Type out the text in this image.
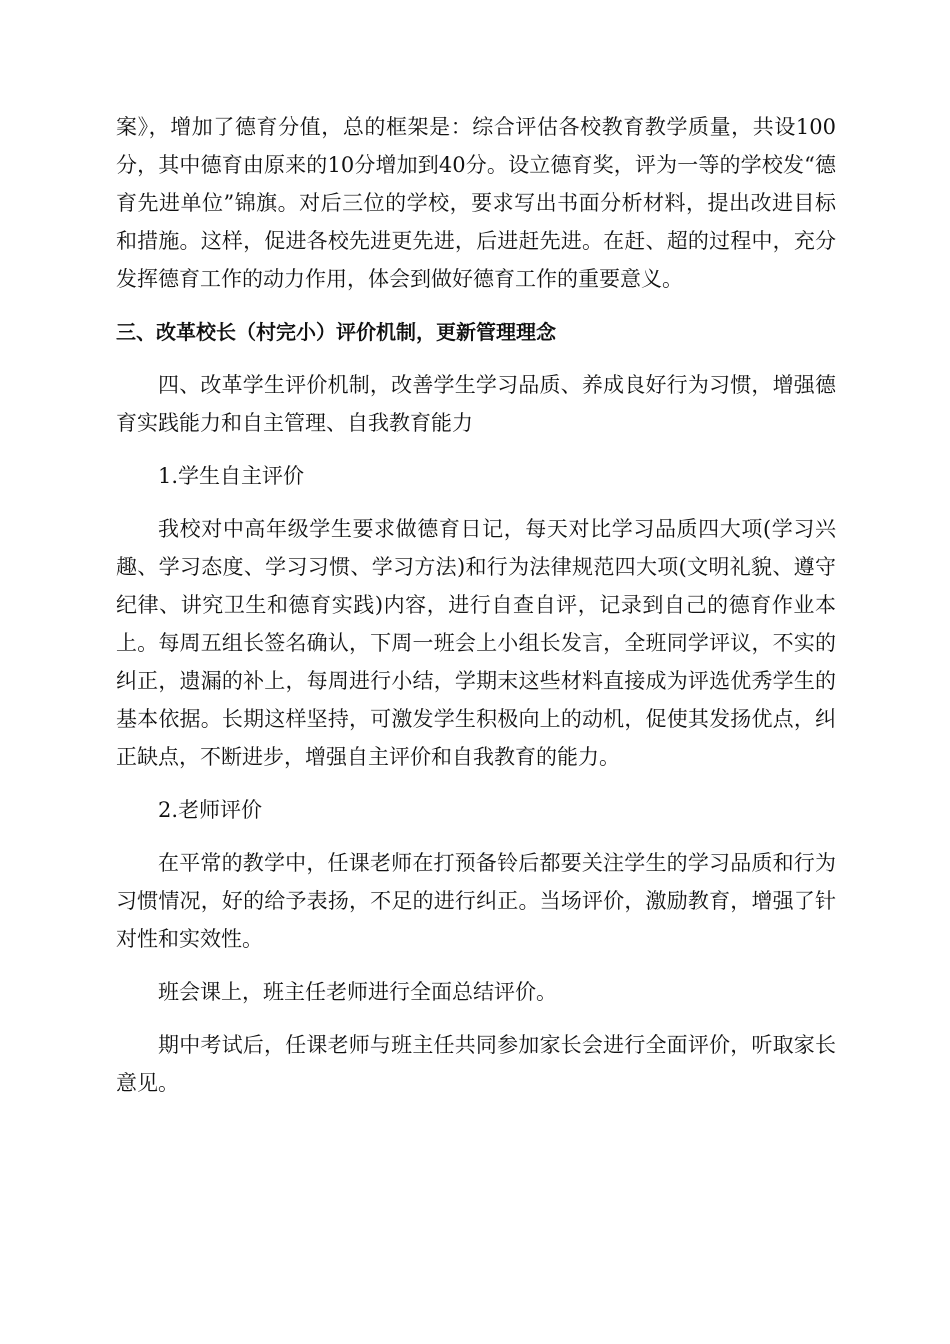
案》，增加了德育分值，总的框架是：综合评估各校教育教学质量，共设100分，其中德育由原来的10分增加到40分。设立德育奖，评为一等的学校发“德育先进单位”锦旗。对后三位的学校，要求写出书面分析材料，提出改进目标和措施。这样，促进各校先进更先进，后进赶先进。在赶、超的过程中，充分发挥德育工作的动力作用，体会到做好德育工作的重要意义。

三、改革校长（村完小）评价机制，更新管理理念

四、改革学生评价机制，改善学生学习品质、养成良好行为习惯，增强德育实践能力和自主管理、自我教育能力

1.学生自主评价

我校对中高年级学生要求做德育日记，每天对比学习品质四大项(学习兴趣、学习态度、学习习惯、学习方法)和行为法律规范四大项(文明礼貌、遵守纪律、讲究卫生和德育实践)内容，进行自查自评，记录到自己的德育作业本上。每周五组长签名确认，下周一班会上小组长发言，全班同学评议，不实的纠正，遗漏的补上，每周进行小结，学期末这些材料直接成为评选优秀学生的基本依据。长期这样坚持，可激发学生积极向上的动机，促使其发扬优点，纠正缺点，不断进步，增强自主评价和自我教育的能力。

2.老师评价

在平常的教学中，任课老师在打预备铃后都要关注学生的学习品质和行为习惯情况，好的给予表扬，不足的进行纠正。当场评价，激励教育，增强了针对性和实效性。

班会课上，班主任老师进行全面总结评价。

期中考试后，任课老师与班主任共同参加家长会进行全面评价，听取家长意见。
